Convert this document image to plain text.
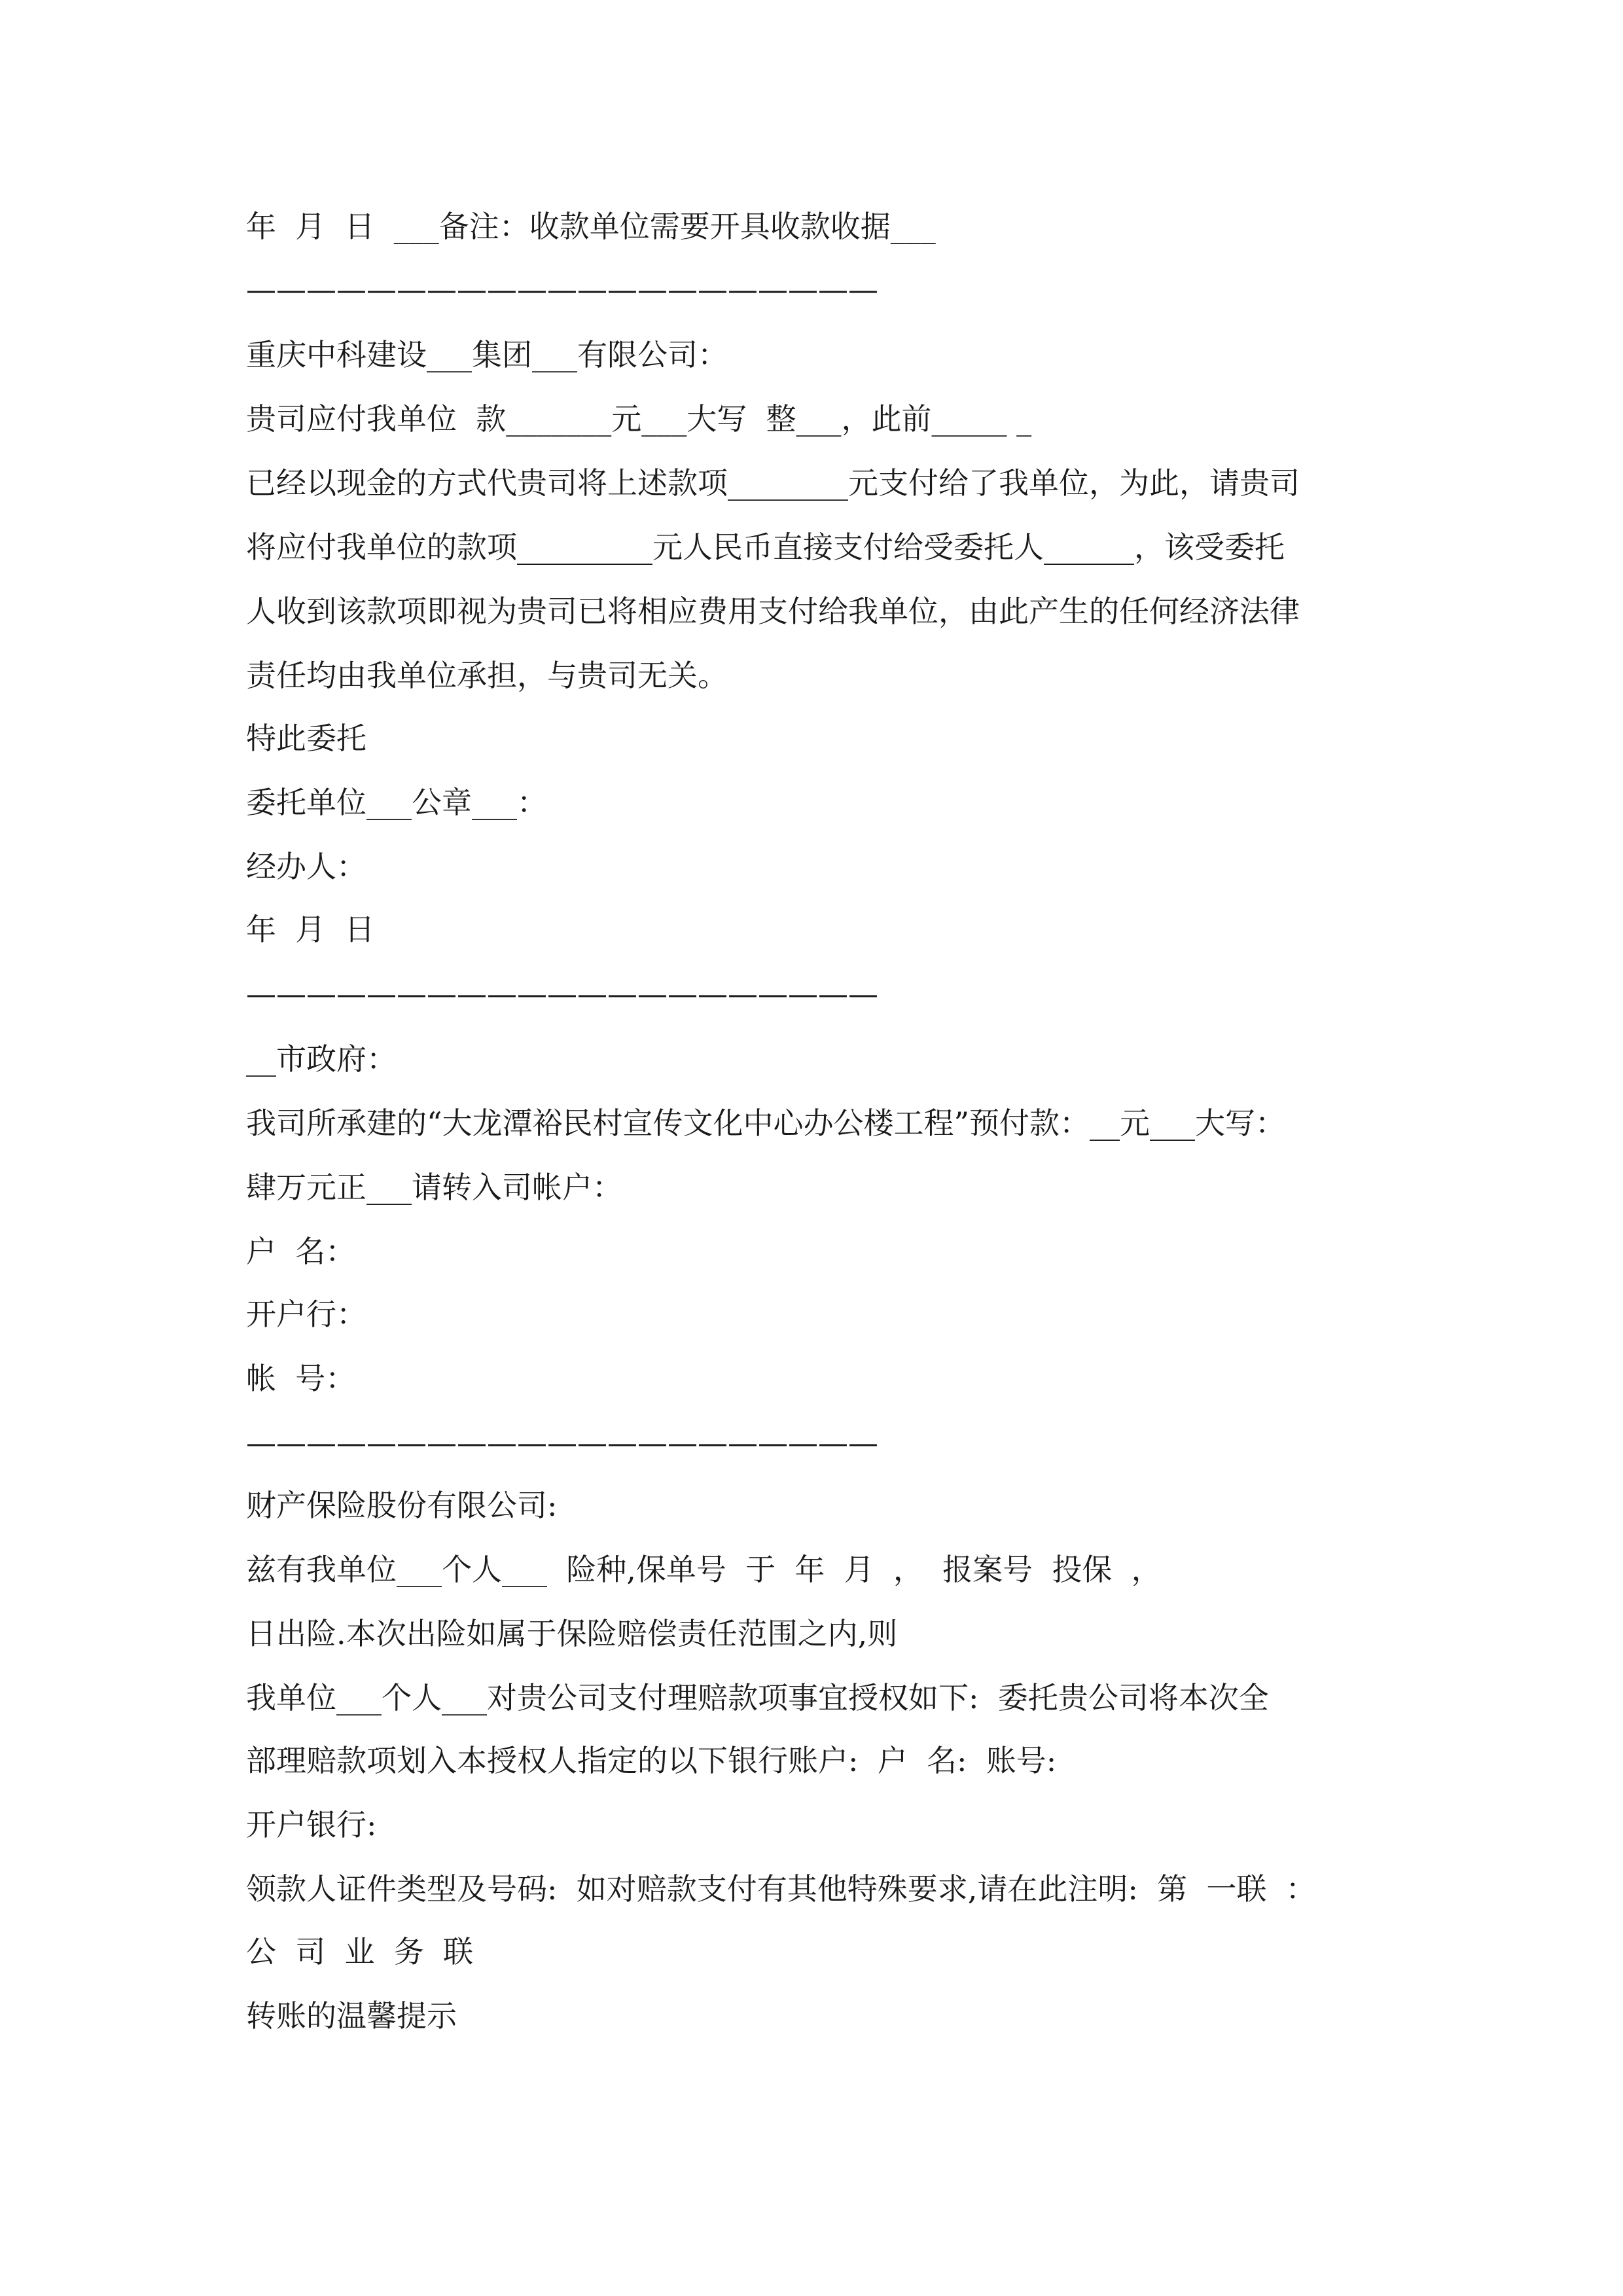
年  月  日  ___备注：收款单位需要开具收款收据___
—————————————————————
重庆中科建设___集团___有限公司：
贵司应付我单位  款_______元___大写  整___，此前_____ _
已经以现金的方式代贵司将上述款项________元支付给了我单位，为此，请贵司
将应付我单位的款项_________元人民币直接支付给受委托人______，该受委托
人收到该款项即视为贵司已将相应费用支付给我单位，由此产生的任何经济法律
责任均由我单位承担，与贵司无关。
特此委托
委托单位___公章___：
经办人：
年  月  日
—————————————————————
__市政府：
我司所承建的“大龙潭裕民村宣传文化中心办公楼工程”预付款：__元___大写：
肆万元正___请转入司帐户：
户  名：
开户行：
帐  号：
—————————————————————
财产保险股份有限公司:
兹有我单位___个人___  险种,保单号  于  年  月  ，  报案号  投保  ，
日出险.本次出险如属于保险赔偿责任范围之内,则
我单位___个人___对贵公司支付理赔款项事宜授权如下:  委托贵公司将本次全
部理赔款项划入本授权人指定的以下银行账户:  户  名:  账号:
开户银行:
领款人证件类型及号码:  如对赔款支付有其他特殊要求,请在此注明:  第  一联  ：
公  司  业  务  联
转账的温馨提示
